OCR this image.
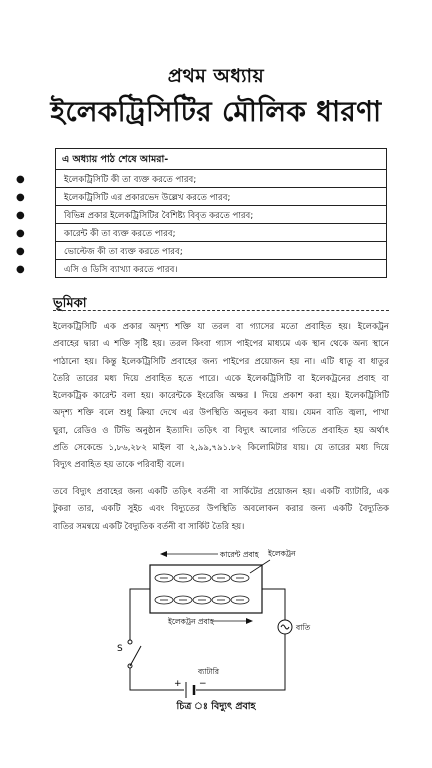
প্রথম অধ্যায়
ইলেকট্রিসিটির মৌলিক ধারণা
এ অধ্যায় পাঠ শেষে আমরা-
●	ইলেকট্রিসিটি কী তা ব্যক্ত করতে পারব;
●	ইলেকট্রিসিটি এর প্রকারভেদ উল্লেখ করতে পারব;
●	বিভিন্ন প্রকার ইলেকট্রিসিটির বৈশিষ্ট্য বিবৃত করতে পারব;
●	কারেন্ট কী তা ব্যক্ত করতে পারব;
●	ভোল্টেজ কী তা ব্যক্ত করতে পারব;
●	এসি ও ডিসি ব্যাখ্যা করতে পারব।
ভূমিকা
ইলেকট্রিসিটি এক প্রকার অদৃশ্য শক্তি যা তরল বা গ্যাসের মতো প্রবাহিত হয়। ইলেকট্রন
প্রবাহের দ্বারা এ শক্তি সৃষ্টি হয়। তরল কিংবা গ্যাস পাইপের মাধ্যমে এক স্থান থেকে অন্য স্থানে
পাঠানো হয়। কিন্তু ইলেকট্রিসিটি প্রবাহের জন্য পাইপের প্রয়োজন হয় না। এটি ধাতু বা ধাতুর
তৈরি তারের মধ্য দিয়ে প্রবাহিত হতে পারে। একে ইলেকট্রিসিটি বা ইলেকট্রনের প্রবাহ বা
ইলেকট্রিক কারেন্ট বলা হয়। কারেন্টকে ইংরেজি অক্ষর I দিয়ে প্রকাশ করা হয়। ইলেকট্রিসিটি
অদৃশ্য শক্তি বলে শুধু ক্রিয়া দেখে এর উপস্থিতি অনুভব করা যায়। যেমন বাতি জ্বলা, পাখা
ঘুরা, রেডিও ও টিভি অনুষ্ঠান ইত্যাদি। তড়িৎ বা বিদ্যুৎ আলোর গতিতে প্রবাহিত হয় অর্থাৎ
প্রতি সেকেন্ডে ১,৮৬,২৮২ মাইল বা ২,৯৯,৭৯১.৮২ কিলোমিটার যায়। যে তারের মধ্য দিয়ে
বিদ্যুৎ প্রবাহিত হয় তাকে পরিবাহী বলে।
তবে বিদ্যুৎ প্রবাহের জন্য একটি তড়িৎ বর্তনী বা সার্কিটের প্রয়োজন হয়। একটি ব্যাটারি, এক
টুকরা তার, একটি সুইচ এবং বিদ্যুতের উপস্থিতি অবলোকন করার জন্য একটি বৈদ্যুতিক
বাতির সমন্বয়ে একটি বৈদ্যুতিক বর্তনী বা সার্কিট তৈরি হয়।
কারেন্ট প্রবাহ ইলেকট্রন
ইলেকট্রন প্রবাহ
S
বাতি
+ −
ব্যাটারি
চিত্র ঃ বিদ্যুৎ প্রবাহ
